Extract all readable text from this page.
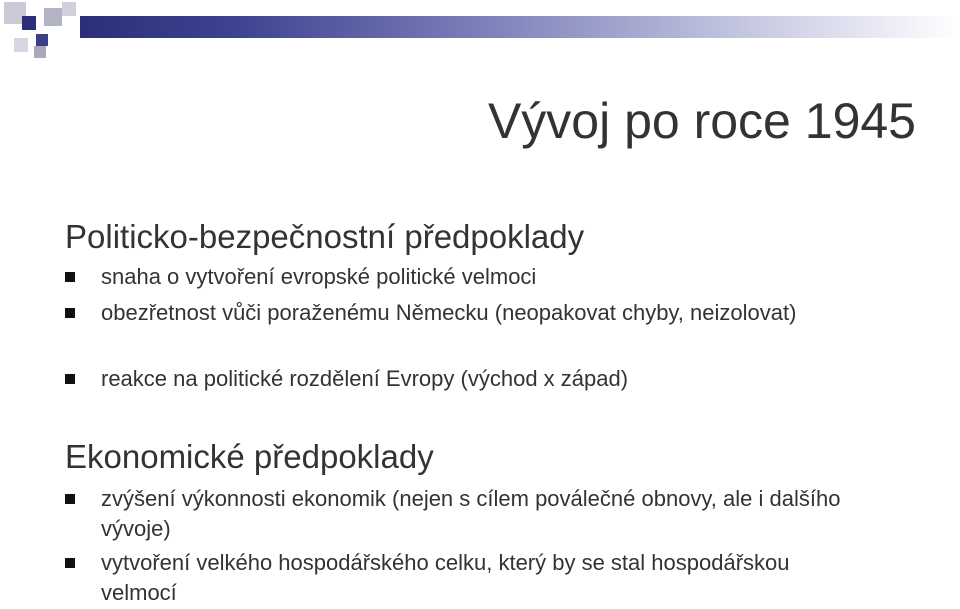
Vývoj po roce 1945
Politicko-bezpečnostní předpoklady
snaha o vytvoření evropské politické velmoci
obezřetnost vůči poraženému Německu (neopakovat chyby, neizolovat)
reakce na politické rozdělení Evropy (východ x západ)
Ekonomické předpoklady
zvýšení výkonnosti ekonomik (nejen s cílem poválečné obnovy, ale i dalšího vývoje)
vytvoření velkého hospodářského celku, který by se stal hospodářskou velmocí
